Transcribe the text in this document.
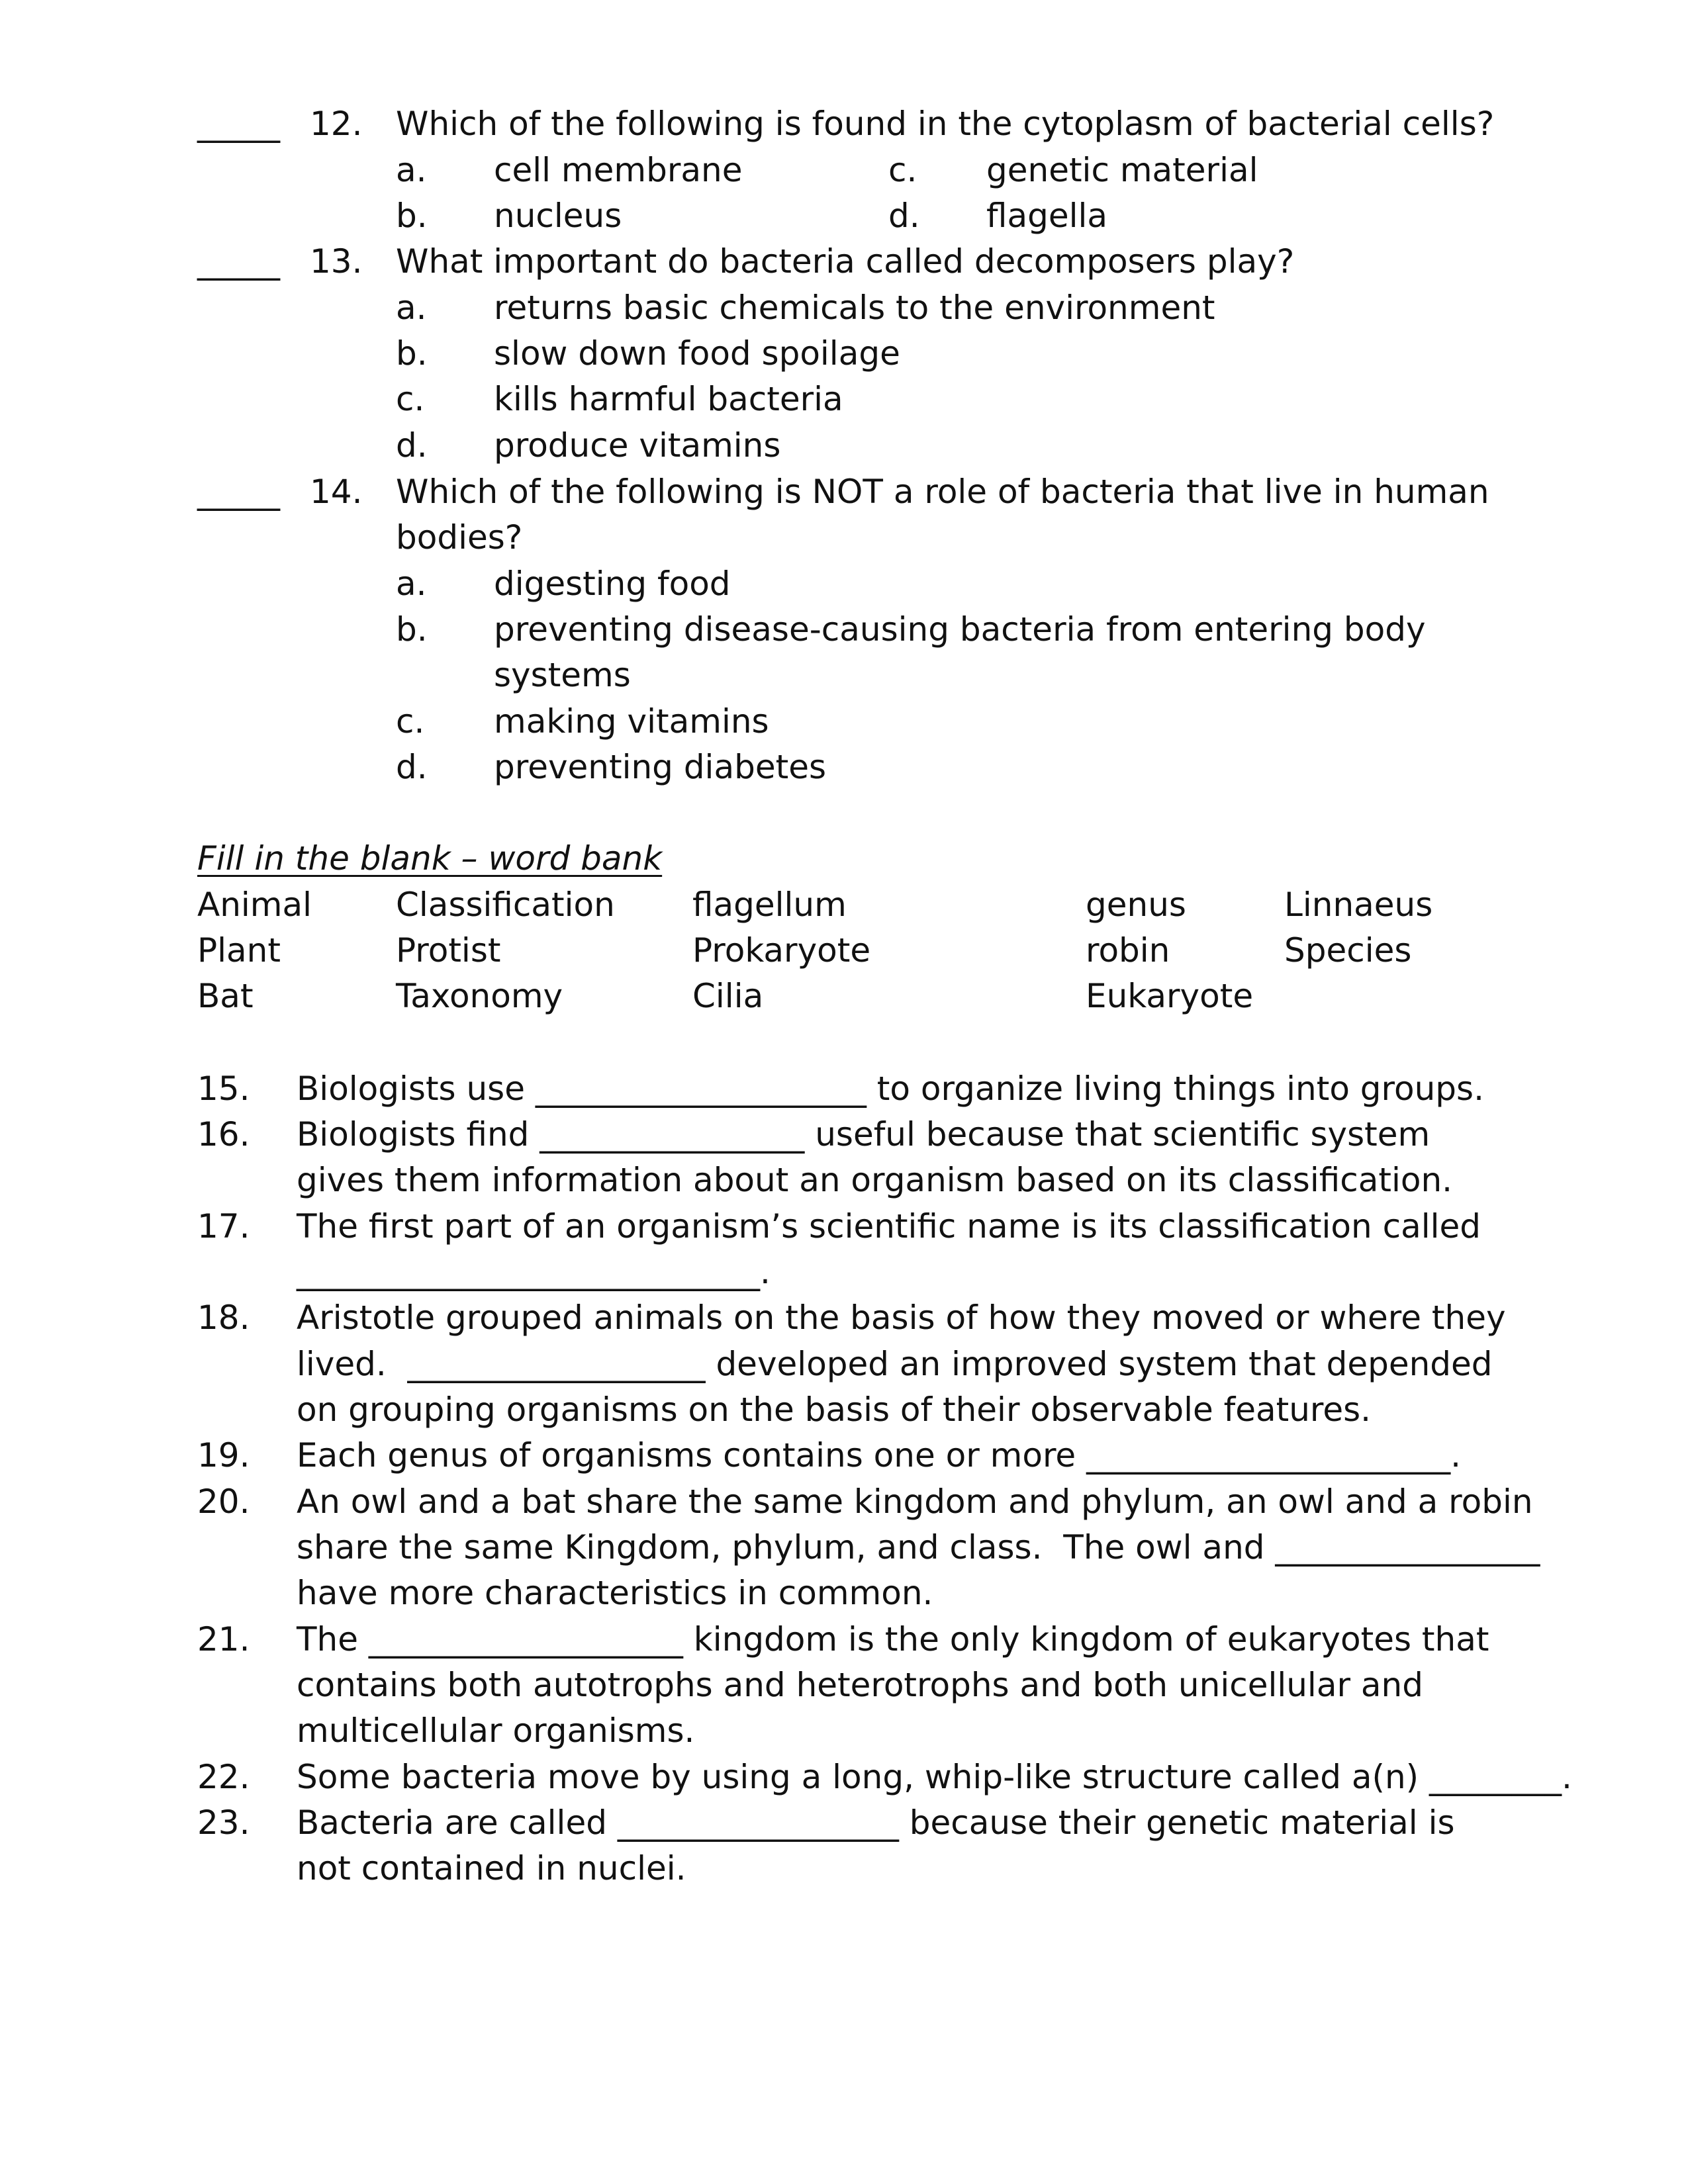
_____ 12. Which of the following is found in the cytoplasm of bacterial cells?
a. cell membrane	c. genetic material
b. nucleus	d. flagella
_____ 13. What important do bacteria called decomposers play?
a. returns basic chemicals to the environment
b. slow down food spoilage
c. kills harmful bacteria
d. produce vitamins
_____ 14. Which of the following is NOT a role of bacteria that live in human
bodies?
a. digesting food
b. preventing disease-causing bacteria from entering body
systems
c. making vitamins
d. preventing diabetes
Fill in the blank – word bank
Animal	Classification flagellum	genus	Linnaeus
Plant	Protist	Prokaryote	robin	Species
Bat	Taxonomy	Cilia	Eukaryote
15. Biologists use ____________________ to organize living things into groups.
16. Biologists find ________________ useful because that scientific system
gives them information about an organism based on its classification.
17. The first part of an organism’s scientific name is its classification called
____________________________.
18. Aristotle grouped animals on the basis of how they moved or where they
lived.  __________________ developed an improved system that depended
on grouping organisms on the basis of their observable features.
19. Each genus of organisms contains one or more ______________________.
20. An owl and a bat share the same kingdom and phylum, an owl and a robin
share the same Kingdom, phylum, and class.  The owl and ________________
have more characteristics in common.
21. The ___________________ kingdom is the only kingdom of eukaryotes that
contains both autotrophs and heterotrophs and both unicellular and
multicellular organisms.
22. Some bacteria move by using a long, whip-like structure called a(n) ________.
23. Bacteria are called _________________ because their genetic material is
not contained in nuclei.
